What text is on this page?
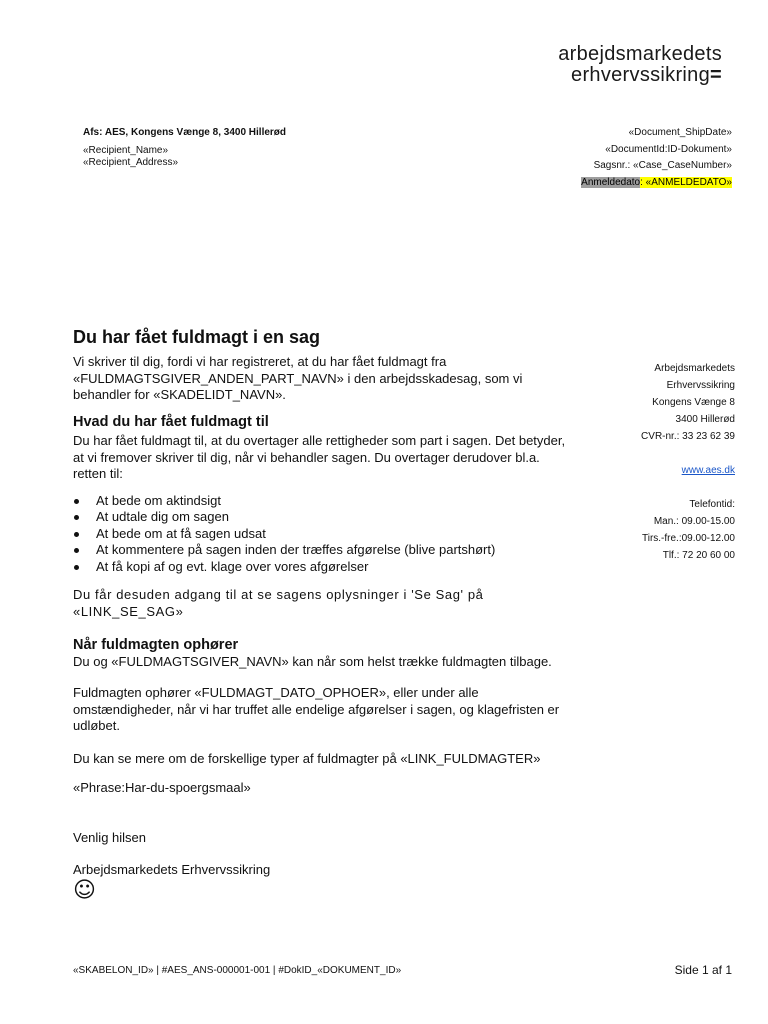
arbejdsmarkedets
erhvervssikring=
Afs: AES, Kongens Vænge 8, 3400 Hillerød
«Recipient_Name»
«Recipient_Address»
«Document_ShipDate»
«DocumentId:ID-Dokument»
Sagsnr.: «Case_CaseNumber»
Anmeldedato: «ANMELDEDATO»
Du har fået fuldmagt i en sag

Vi skriver til dig, fordi vi har registreret, at du har fået fuldmagt fra «FULDMAGTSGIVER_ANDEN_PART_NAVN» i den arbejdsskadesag, som vi behandler for «SKADELIDT_NAVN».

Hvad du har fået fuldmagt til

Du har fået fuldmagt til, at du overtager alle rettigheder som part i sagen. Det betyder, at vi fremover skriver til dig, når vi behandler sagen. Du overtager derudover bl.a. retten til:

At bede om aktindsigt
At udtale dig om sagen
At bede om at få sagen udsat
At kommentere på sagen inden der træffes afgørelse (blive partshørt)
At få kopi af og evt. klage over vores afgørelser

Du får desuden adgang til at se sagens oplysninger i 'Se Sag' på «LINK_SE_SAG»

Når fuldmagten ophører

Du og «FULDMAGTSGIVER_NAVN» kan når som helst trække fuldmagten tilbage.

Fuldmagten ophører «FULDMAGT_DATO_OPHOER», eller under alle omstændigheder, når vi har truffet alle endelige afgørelser i sagen, og klagefristen er udløbet.

Du kan se mere om de forskellige typer af fuldmagter på «LINK_FULDMAGTER»

«Phrase:Har-du-spoergsmaal»

Venlig hilsen

Arbejdsmarkedets Erhvervssikring

☺

Arbejdsmarkedets
Erhvervssikring
Kongens Vænge 8
3400 Hillerød
CVR-nr.: 33 23 62 39
www.aes.dk
Telefontid:
Man.: 09.00-15.00
Tirs.-fre.:09.00-12.00
Tlf.: 72 20 60 00
«SKABELON_ID» | #AES_ANS-000001-001 | #DokID_«DOKUMENT_ID»	Side 1 af 1
